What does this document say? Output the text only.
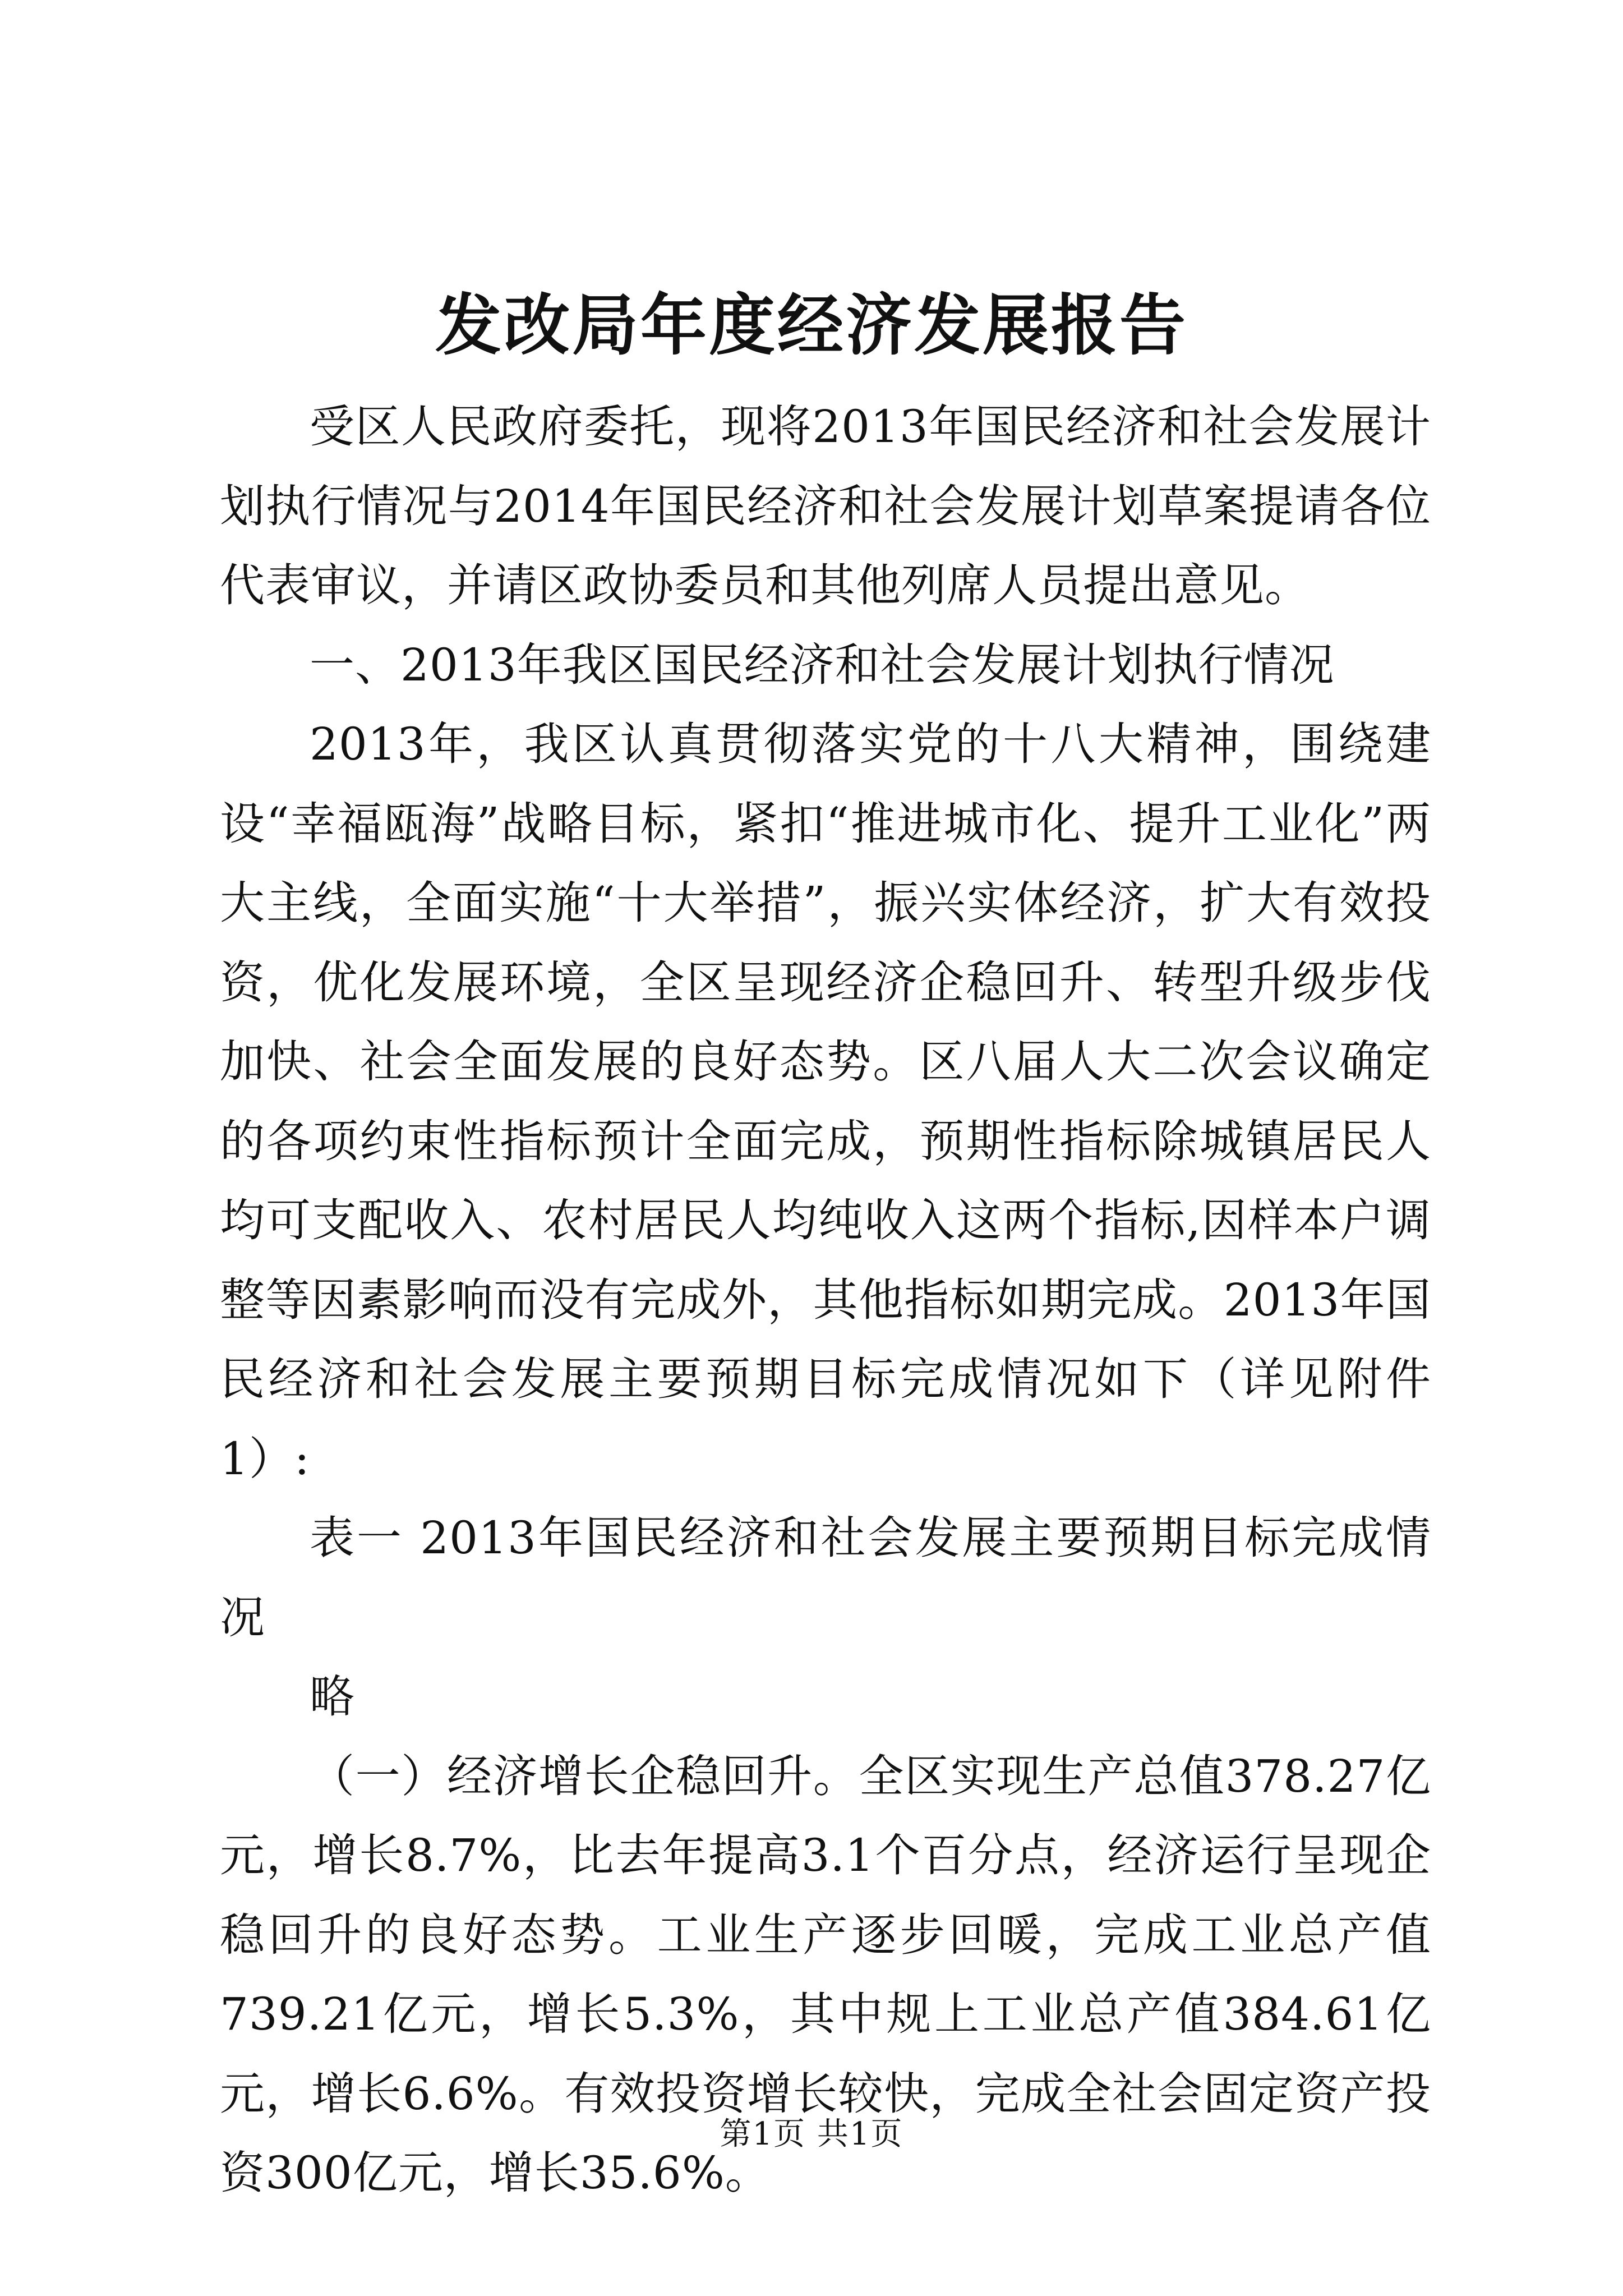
发改局年度经济发展报告

受区人民政府委托，现将2013年国民经济和社会发展计划执行情况与2014年国民经济和社会发展计划草案提请各位代表审议，并请区政协委员和其他列席人员提出意见。

一、2013年我区国民经济和社会发展计划执行情况

2013年，我区认真贯彻落实党的十八大精神，围绕建设“幸福瓯海”战略目标，紧扣“推进城市化、提升工业化”两大主线，全面实施“十大举措”，振兴实体经济，扩大有效投资，优化发展环境，全区呈现经济企稳回升、转型升级步伐加快、社会全面发展的良好态势。区八届人大二次会议确定的各项约束性指标预计全面完成，预期性指标除城镇居民人均可支配收入、农村居民人均纯收入这两个指标,因样本户调整等因素影响而没有完成外，其他指标如期完成。2013年国民经济和社会发展主要预期目标完成情况如下（详见附件1）:

表一 2013年国民经济和社会发展主要预期目标完成情况

略

（一）经济增长企稳回升。全区实现生产总值378.27亿元，增长8.7%，比去年提高3.1个百分点，经济运行呈现企稳回升的良好态势。工业生产逐步回暖，完成工业总产值739.21亿元，增长5.3%，其中规上工业总产值384.61亿元，增长6.6%。有效投资增长较快，完成全社会固定资产投资300亿元，增长35.6%。

第1页 共1页
